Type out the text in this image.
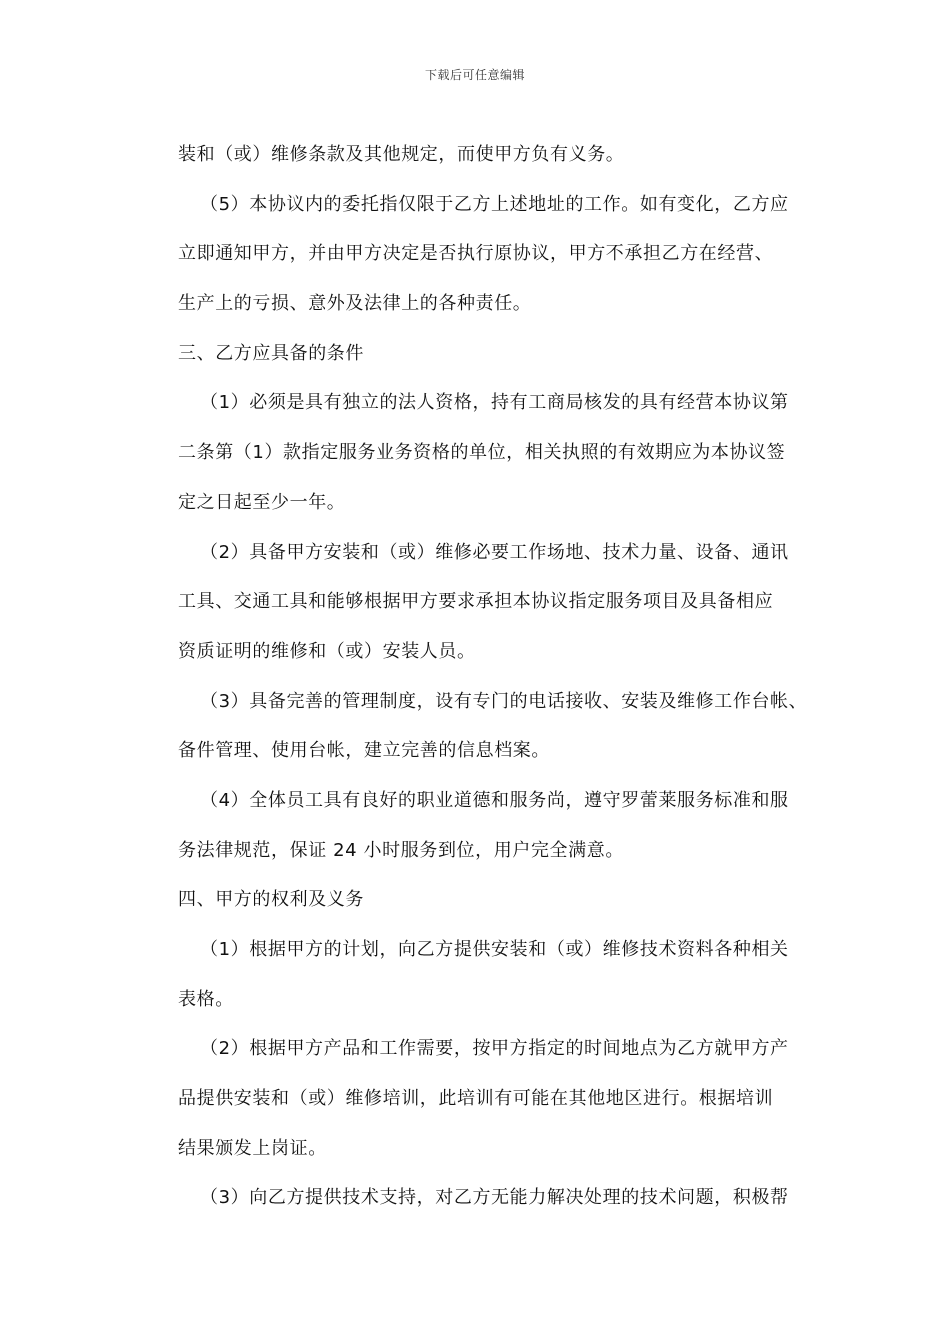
下载后可任意编辑
装和（或）维修条款及其他规定，而使甲方负有义务。
（5）本协议内的委托指仅限于乙方上述地址的工作。如有变化，乙方应
立即通知甲方，并由甲方决定是否执行原协议，甲方不承担乙方在经营、
生产上的亏损、意外及法律上的各种责任。
三、乙方应具备的条件
（1）必须是具有独立的法人资格，持有工商局核发的具有经营本协议第
二条第（1）款指定服务业务资格的单位，相关执照的有效期应为本协议签
定之日起至少一年。
（2）具备甲方安装和（或）维修必要工作场地、技术力量、设备、通讯
工具、交通工具和能够根据甲方要求承担本协议指定服务项目及具备相应
资质证明的维修和（或）安装人员。
（3）具备完善的管理制度，设有专门的电话接收、安装及维修工作台帐、
备件管理、使用台帐，建立完善的信息档案。
（4）全体员工具有良好的职业道德和服务尚，遵守罗蕾莱服务标准和服
务法律规范，保证 24 小时服务到位，用户完全满意。
四、甲方的权利及义务
（1）根据甲方的计划，向乙方提供安装和（或）维修技术资料各种相关
表格。
（2）根据甲方产品和工作需要，按甲方指定的时间地点为乙方就甲方产
品提供安装和（或）维修培训，此培训有可能在其他地区进行。根据培训
结果颁发上岗证。
（3）向乙方提供技术支持，对乙方无能力解决处理的技术问题，积极帮
